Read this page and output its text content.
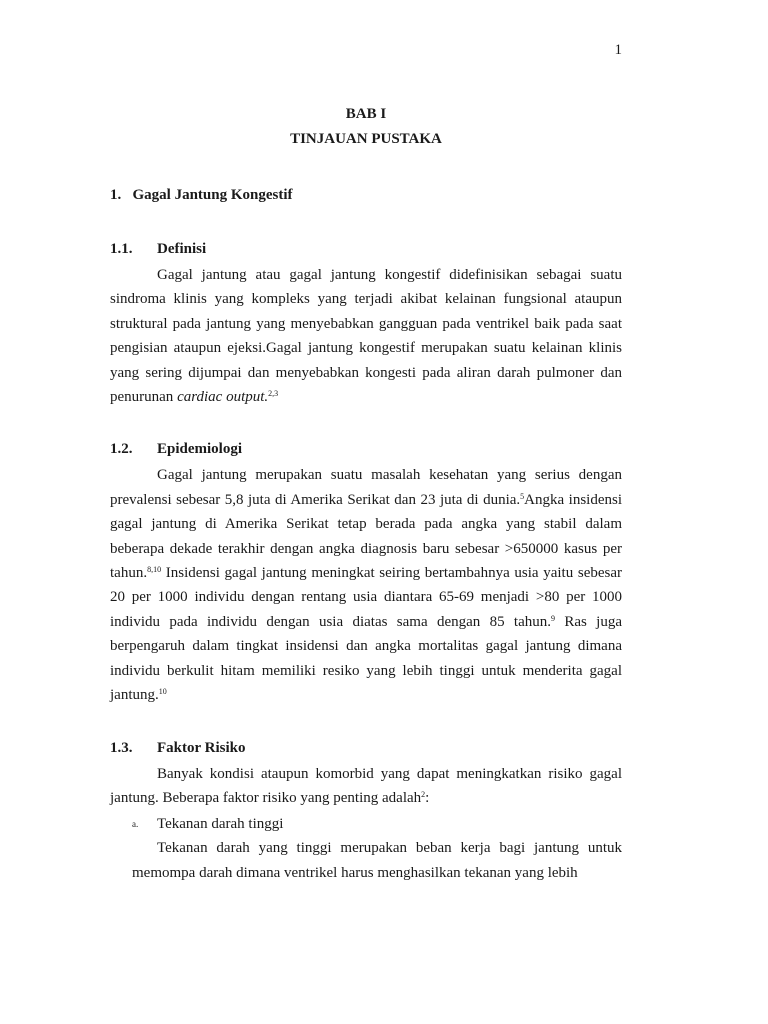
1
BAB I
TINJAUAN PUSTAKA
1.   Gagal Jantung Kongestif
1.1.	Definisi

Gagal jantung atau gagal jantung kongestif didefinisikan sebagai suatu sindroma klinis yang kompleks yang terjadi akibat kelainan fungsional ataupun struktural pada jantung yang menyebabkan gangguan pada ventrikel baik pada saat pengisian ataupun ejeksi.Gagal jantung kongestif merupakan suatu kelainan klinis yang sering dijumpai dan menyebabkan kongesti pada aliran darah pulmoner dan penurunan cardiac output.$^{2,3}$

1.2.	Epidemiologi

Gagal jantung merupakan suatu masalah kesehatan yang serius dengan prevalensi sebesar 5,8 juta di Amerika Serikat dan 23 juta di dunia.$^5$Angka insidensi gagal jantung di Amerika Serikat tetap berada pada angka yang stabil dalam beberapa dekade terakhir dengan angka diagnosis baru sebesar >650000 kasus per tahun.$^{8,10}$ Insidensi gagal jantung meningkat seiring bertambahnya usia yaitu sebesar 20 per 1000 individu dengan rentang usia diantara 65-69 menjadi >80 per 1000 individu pada individu dengan usia diatas sama dengan 85 tahun.$^9$ Ras juga berpengaruh dalam tingkat insidensi dan angka mortalitas gagal jantung dimana individu berkulit hitam memiliki resiko yang lebih tinggi untuk menderita gagal jantung.$^{10}$

1.3.	Faktor Risiko

Banyak kondisi ataupun komorbid yang dapat meningkatkan risiko gagal jantung. Beberapa faktor risiko yang penting adalah$^2$:

a.	Tekanan darah tinggi

Tekanan darah yang tinggi merupakan beban kerja bagi jantung untuk memompa darah dimana ventrikel harus menghasilkan tekanan yang lebih
